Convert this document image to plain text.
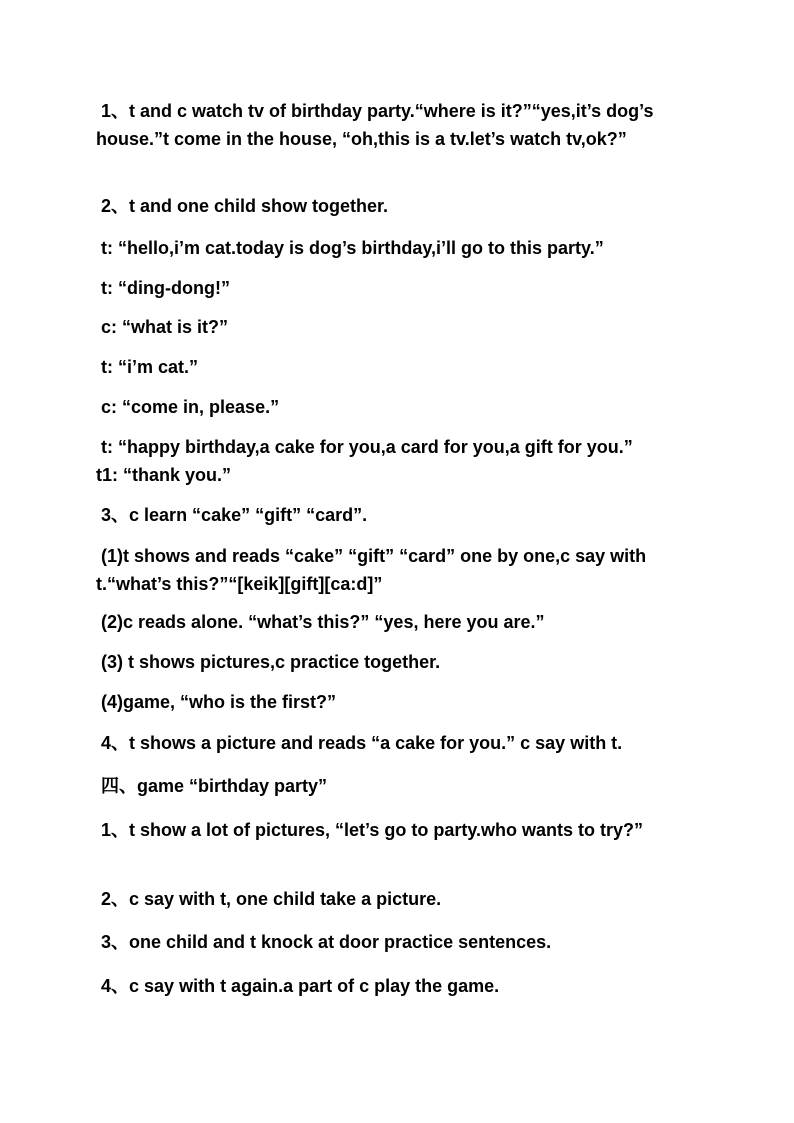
1、t and c watch tv of birthday party.“where is it?”“yes,it’s dog’s house.”t come in the house, “oh,this is a tv.let’s watch tv,ok?”
2、t and one child show together.
t: “hello,i’m cat.today is dog’s birthday,i’ll go to this party.”
t: “ding-dong!”
c: “what is it?”
t: “i’m cat.”
c: “come in, please.”
t: “happy birthday,a cake for you,a card for you,a gift for you.”
t1: “thank you.”
3、c learn “cake” “gift” “card”.
(1)t shows and reads “cake” “gift” “card” one by one,c say with t.“what’s this?”“[keik][gift][ca:d]”
(2)c reads alone. “what’s this?” “yes, here you are.”
(3) t shows pictures,c practice together.
(4)game, “who is the first?”
4、t shows a picture and reads “a cake for you.” c say with t.
四、game “birthday party”
1、t show a lot of pictures, “let’s go to party.who wants to try?”
2、c say with t, one child take a picture.
3、one child and t knock at door practice sentences.
4、c say with t again.a part of c play the game.
